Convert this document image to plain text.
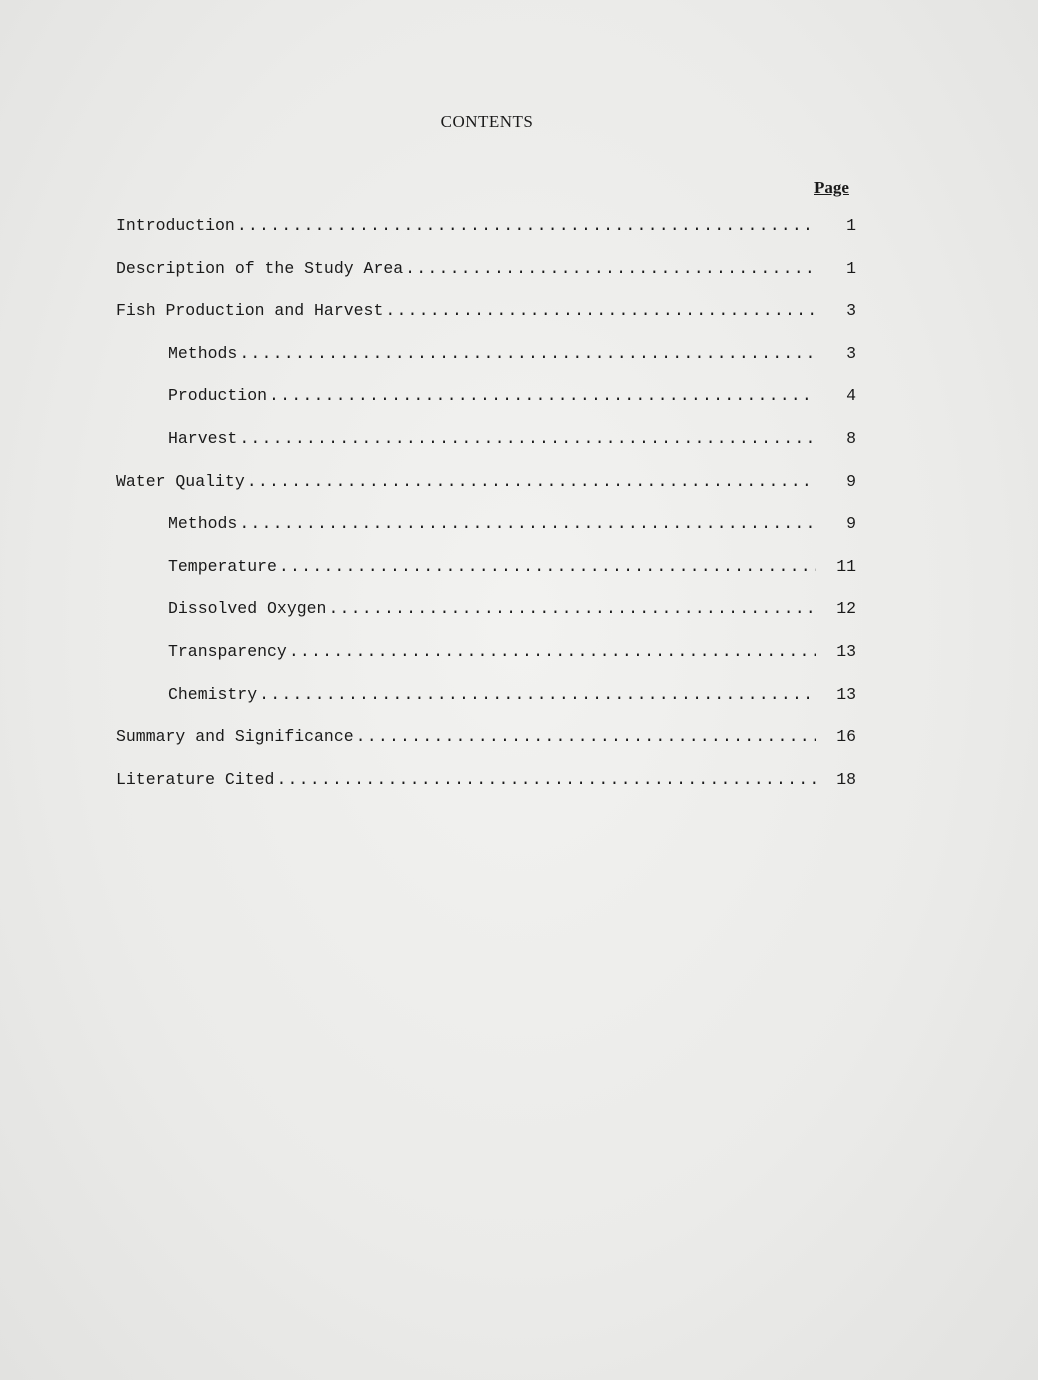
CONTENTS
Page
Introduction .....	1
Description of the Study Area .....	1
Fish Production and Harvest .....	3
Methods .....	3
Production .....	4
Harvest .....	8
Water Quality .....	9
Methods .....	9
Temperature .....	11
Dissolved Oxygen .....	12
Transparency .....	13
Chemistry .....	13
Summary and Significance .....	16
Literature Cited .....	18
